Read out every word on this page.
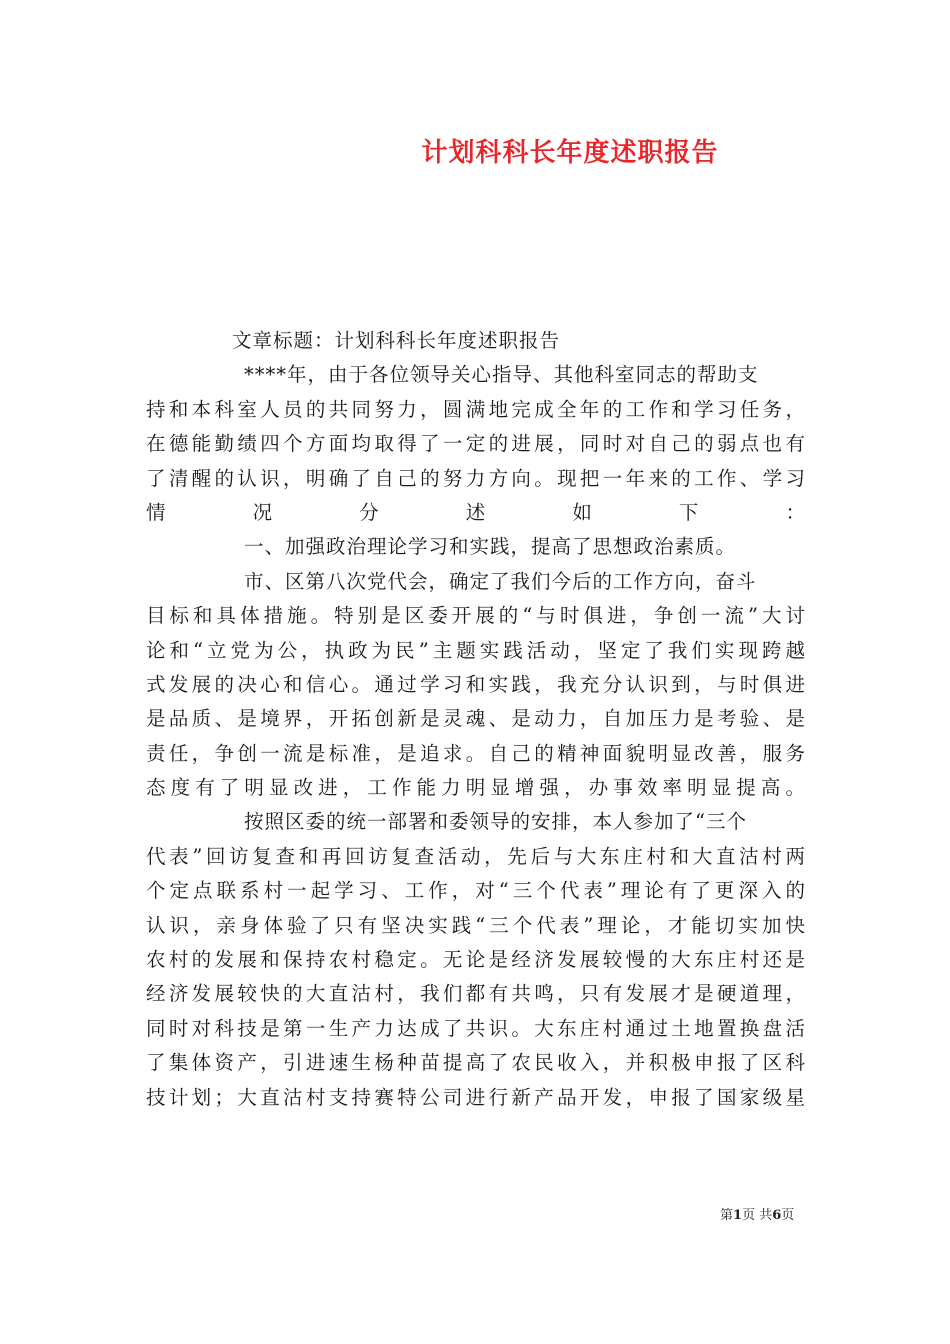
计划科科长年度述职报告
文章标题：计划科科长年度述职报告
****年，由于各位领导关心指导、其他科室同志的帮助支
持和本科室人员的共同努力，圆满地完成全年的工作和学习任务，
在德能勤绩四个方面均取得了一定的进展，同时对自己的弱点也有
了清醒的认识，明确了自己的努力方向。现把一年来的工作、学习
情况分述如下：
一、加强政治理论学习和实践，提高了思想政治素质。
市、区第八次党代会，确定了我们今后的工作方向，奋斗
目标和具体措施。特别是区委开展的“与时俱进，争创一流”大讨
论和“立党为公，执政为民”主题实践活动，坚定了我们实现跨越
式发展的决心和信心。通过学习和实践，我充分认识到，与时俱进
是品质、是境界，开拓创新是灵魂、是动力，自加压力是考验、是
责任，争创一流是标准，是追求。自己的精神面貌明显改善，服务
态度有了明显改进，工作能力明显增强，办事效率明显提高。
按照区委的统一部署和委领导的安排，本人参加了“三个
代表”回访复查和再回访复查活动，先后与大东庄村和大直沽村两
个定点联系村一起学习、工作，对“三个代表”理论有了更深入的
认识，亲身体验了只有坚决实践“三个代表”理论，才能切实加快
农村的发展和保持农村稳定。无论是经济发展较慢的大东庄村还是
经济发展较快的大直沽村，我们都有共鸣，只有发展才是硬道理，
同时对科技是第一生产力达成了共识。大东庄村通过土地置换盘活
了集体资产，引进速生杨种苗提高了农民收入，并积极申报了区科
技计划；大直沽村支持赛特公司进行新产品开发，申报了国家级星
第1页 共6页
